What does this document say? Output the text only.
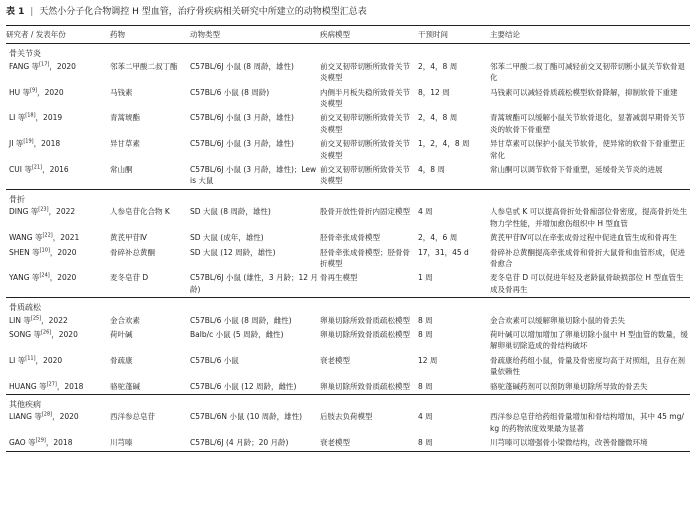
表 1 | 天然小分子化合物调控 H 型血管，治疗骨疾病相关研究中所建立的动物模型汇总表
研究者 / 发表年份	药物	动物类型	疾病模型	干预时间	主要结论
骨关节炎					
FANG 等[17]，2020	邻苯二甲酸二叔丁酯	C57BL/6J 小鼠 (8 周龄，雄性)	前交叉韧带切断所致骨关节炎模型	2，4，8 周	邻苯二甲酸二叔丁酯可减轻前交叉韧带切断小鼠关节软骨退化
HU 等[9]，2020	马钱素	C57BL/6 小鼠 (8 周龄)	内侧半月板失稳所致骨关节炎模型	8，12 周	马钱素可以减轻骨质疏松模型软骨降解，抑制软骨下重建
LI 等[18]，2019	青蒿琥酯	C57BL/6J 小鼠 (3 月龄，雄性)	前交叉韧带切断所致骨关节炎模型	2，4，8 周	青蒿琥酯可以缓解小鼠关节软骨退化，显著减弱早期骨关节炎的软骨下骨重塑
JI 等[19]，2018	异甘草素	C57BL/6J 小鼠 (3 月龄，雄性)	前交叉韧带切断所致骨关节炎模型	1，2，4，8 周	异甘草素可以保护小鼠关节软骨，使异常的软骨下骨重塑正常化
CUI 等[21]，2016	常山酮	C57BL/6J 小鼠 (3 月龄，雄性)；Lewis 大鼠	前交叉韧带切断所致骨关节炎模型	4，8 周	常山酮可以调节软骨下骨重塑，延缓骨关节炎的进展
骨折					
DING 等[23]，2022	人参皂苷化合物 K	SD 大鼠 (8 周龄，雄性)	股骨开放性骨折内固定模型	4 周	人参皂甙 K 可以提高骨折处骨痂部位骨密度，提高骨折处生物力学性能，并增加愈伤组织中 H 型血管
WANG 等[22]，2021	黄芪甲苷Ⅳ	SD 大鼠 (成年，雄性)	胫骨牵张成骨模型	2，4，6 周	黄芪甲苷Ⅳ可以在牵张成骨过程中促进血管生成和骨再生
SHEN 等[10]，2020	骨碎补总黄酮	SD 大鼠 (12 周龄，雄性)	胫骨牵张成骨模型；胫骨骨折模型	17，31，45 d	骨碎补总黄酮提高牵张成骨和骨折大鼠骨和血管形成，促进骨愈合
YANG 等[24]，2020	麦冬皂苷 D	C57BL/6J 小鼠 (雄性，3 月龄；12 月龄)	骨再生模型	1 周	麦冬皂苷 D 可以促进年轻及老龄鼠骨缺损部位 H 型血管生成及骨再生
骨质疏松					
LIN 等[25]，2022	金合欢素	C57BL/6 小鼠 (8 周龄，雌性)	卵巢切除所致骨质疏松模型	8 周	金合欢素可以缓解卵巢切除小鼠的骨丢失
SONG 等[26]，2020	荷叶碱	Balb/c 小鼠 (5 周龄，雌性)	卵巢切除所致骨质疏松模型	8 周	荷叶碱可以增加增加了卵巢切除小鼠中 H 型血管的数量，缓解卵巢切除造成的骨结构破坏
LI 等[11]，2020	骨疏康	C57BL/6 小鼠	衰老模型	12 周	骨疏康给药组小鼠，骨量及骨密度均高于对照组，且存在剂量依赖性
HUANG 等[27]，2018	骆驼蓬碱	C57BL/6 小鼠 (12 周龄，雌性)	卵巢切除所致骨质疏松模型	8 周	骆驼蓬碱药剂可以预防卵巢切除所导致的骨丢失
其他疾病					
LIANG 等[28]，2020	西洋参总皂苷	C57BL/6N 小鼠 (10 周龄，雄性)	后肢去负荷模型	4 周	西洋参总皂苷给药组骨量增加和骨结构增加，其中 45 mg/kg 的药物浓度效果最为显著
GAO 等[29]，2018	川芎嗪	C57BL/6J (4 月龄；20 月龄)	衰老模型	8 周	川芎嗪可以增强骨小梁微结构，改善骨髓微环境
